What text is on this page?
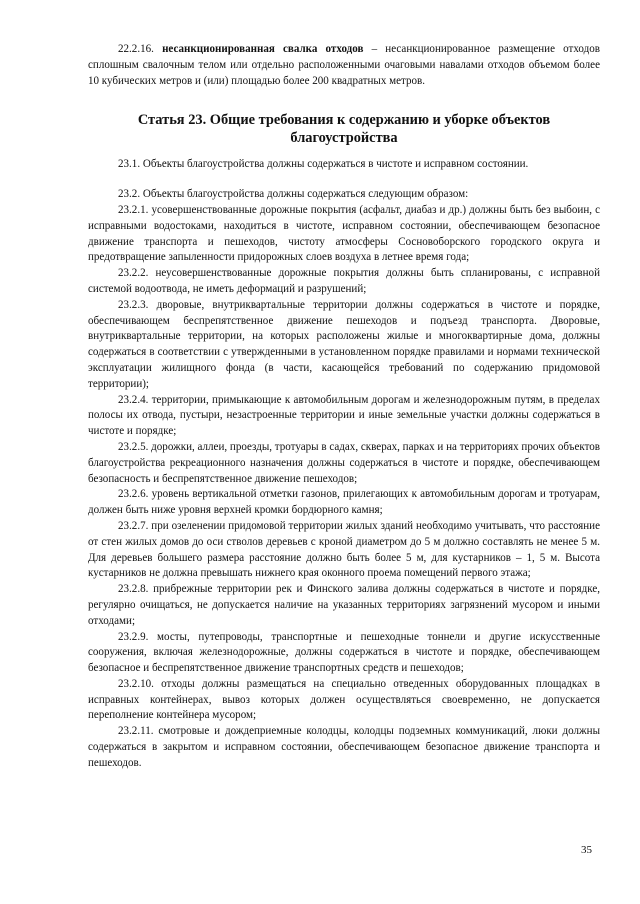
22.2.16. несанкционированная свалка отходов – несанкционированное размещение отходов сплошным свалочным телом или отдельно расположенными очаговыми навалами отходов объемом более 10 кубических метров и (или) площадью более 200 квадратных метров.

Статья 23. Общие требования к содержанию и уборке объектов благоустройства

23.1. Объекты благоустройства должны содержаться в чистоте и исправном состоянии.

23.2. Объекты благоустройства должны содержаться следующим образом:

23.2.1. усовершенствованные дорожные покрытия (асфальт, диабаз и др.) должны быть без выбоин, с исправными водостоками, находиться в чистоте, исправном состоянии, обеспечивающем безопасное движение транспорта и пешеходов, чистоту атмосферы Сосновоборского городского округа и предотвращение запыленности придорожных слоев воздуха в летнее время года;

23.2.2. неусовершенствованные дорожные покрытия должны быть спланированы, с исправной системой водоотвода, не иметь деформаций и разрушений;

23.2.3. дворовые, внутриквартальные территории должны содержаться в чистоте и порядке, обеспечивающем беспрепятственное движение пешеходов и подъезд транспорта. Дворовые, внутриквартальные территории, на которых расположены жилые и многоквартирные дома, должны содержаться в соответствии с утвержденными в установленном порядке правилами и нормами технической эксплуатации жилищного фонда (в части, касающейся требований по содержанию придомовой территории);

23.2.4. территории, примыкающие к автомобильным дорогам и железнодорожным путям, в пределах полосы их отвода, пустыри, незастроенные территории и иные земельные участки должны содержаться в чистоте и порядке;

23.2.5. дорожки, аллеи, проезды, тротуары в садах, скверах, парках и на территориях прочих объектов благоустройства рекреационного назначения должны содержаться в чистоте и порядке, обеспечивающем безопасность и беспрепятственное движение пешеходов;

23.2.6. уровень вертикальной отметки газонов, прилегающих к автомобильным дорогам и тротуарам, должен быть ниже уровня верхней кромки бордюрного камня;

23.2.7. при озеленении придомовой территории жилых зданий необходимо учитывать, что расстояние от стен жилых домов до оси стволов деревьев с кроной диаметром до 5 м должно составлять не менее 5 м. Для деревьев большего размера расстояние должно быть более 5 м, для кустарников – 1, 5 м. Высота кустарников не должна превышать нижнего края оконного проема помещений первого этажа;

23.2.8. прибрежные территории рек и Финского залива должны содержаться в чистоте и порядке, регулярно очищаться, не допускается наличие на указанных территориях загрязнений мусором и иными отходами;

23.2.9. мосты, путепроводы, транспортные и пешеходные тоннели и другие искусственные сооружения, включая железнодорожные, должны содержаться в чистоте и порядке, обеспечивающем безопасное и беспрепятственное движение транспортных средств и пешеходов;

23.2.10. отходы должны размещаться на специально отведенных оборудованных площадках в исправных контейнерах, вывоз которых должен осуществляться своевременно, не допускается переполнение контейнера мусором;

23.2.11. смотровые и дождеприемные колодцы, колодцы подземных коммуникаций, люки должны содержаться в закрытом и исправном состоянии, обеспечивающем безопасное движение транспорта и пешеходов.

35
